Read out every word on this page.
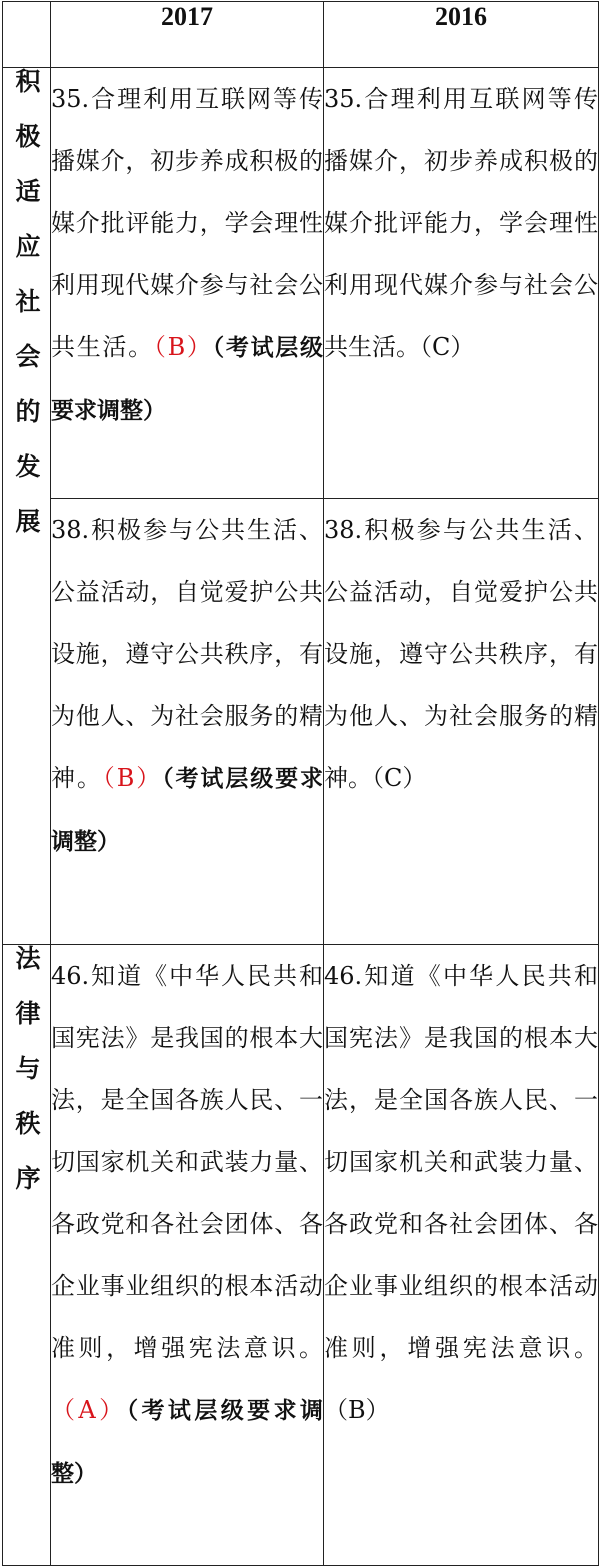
	2017	2016
积极适应社会的发展	35.合理利用互联网等传播媒介，初步养成积极的媒介批评能力，学会理性利用现代媒介参与社会公共生活。（B）（考试层级要求调整）	35.合理利用互联网等传播媒介，初步养成积极的媒介批评能力，学会理性利用现代媒介参与社会公共生活。（C）

	38.积极参与公共生活、公益活动，自觉爱护公共设施，遵守公共秩序，有为他人、为社会服务的精神。（B）（考试层级要求调整）	38.积极参与公共生活、公益活动，自觉爱护公共设施，遵守公共秩序，有为他人、为社会服务的精神。（C）

法律与秩序	46.知道《中华人民共和国宪法》是我国的根本大法，是全国各族人民、一切国家机关和武装力量、各政党和各社会团体、各企业事业组织的根本活动准则，增强宪法意识。（A）（考试层级要求调整）	46.知道《中华人民共和国宪法》是我国的根本大法，是全国各族人民、一切国家机关和武装力量、各政党和各社会团体、各企业事业组织的根本活动准则，增强宪法意识。（B）
